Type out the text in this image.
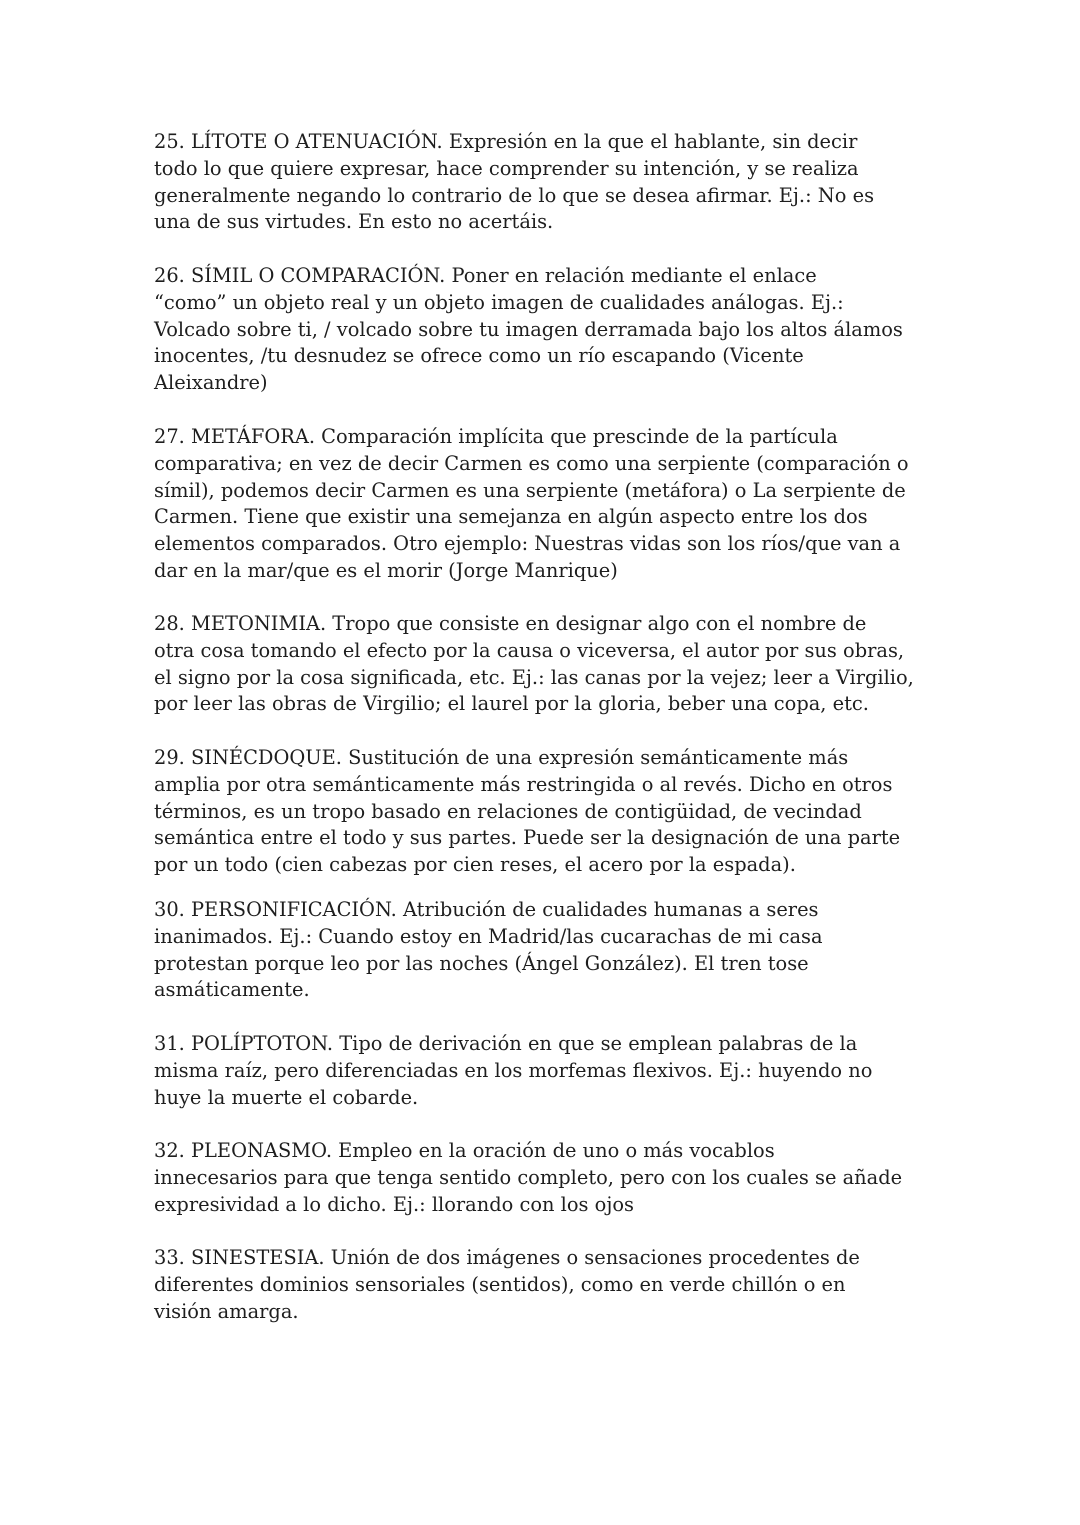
25. LÍTOTE O ATENUACIÓN. Expresión en la que el hablante, sin decir
todo lo que quiere expresar, hace comprender su intención, y se realiza
generalmente negando lo contrario de lo que se desea afirmar. Ej.: No es
una de sus virtudes. En esto no acertáis.

26. SÍMIL O COMPARACIÓN. Poner en relación mediante el enlace
“como” un objeto real y un objeto imagen de cualidades análogas. Ej.:
Volcado sobre ti, / volcado sobre tu imagen derramada bajo los altos álamos
inocentes, /tu desnudez se ofrece como un río escapando (Vicente
Aleixandre)

27. METÁFORA. Comparación implícita que prescinde de la partícula
comparativa; en vez de decir Carmen es como una serpiente (comparación o
símil), podemos decir Carmen es una serpiente (metáfora) o La serpiente de
Carmen. Tiene que existir una semejanza en algún aspecto entre los dos
elementos comparados. Otro ejemplo: Nuestras vidas son los ríos/que van a
dar en la mar/que es el morir (Jorge Manrique)

28. METONIMIA. Tropo que consiste en designar algo con el nombre de
otra cosa tomando el efecto por la causa o viceversa, el autor por sus obras,
el signo por la cosa significada, etc. Ej.: las canas por la vejez; leer a Virgilio,
por leer las obras de Virgilio; el laurel por la gloria, beber una copa, etc.

29. SINÉCDOQUE. Sustitución de una expresión semánticamente más
amplia por otra semánticamente más restringida o al revés. Dicho en otros
términos, es un tropo basado en relaciones de contigüidad, de vecindad
semántica entre el todo y sus partes. Puede ser la designación de una parte
por un todo (cien cabezas por cien reses, el acero por la espada).

30. PERSONIFICACIÓN. Atribución de cualidades humanas a seres
inanimados. Ej.: Cuando estoy en Madrid/las cucarachas de mi casa
protestan porque leo por las noches (Ángel González). El tren tose
asmáticamente.

31. POLÍPTOTON. Tipo de derivación en que se emplean palabras de la
misma raíz, pero diferenciadas en los morfemas flexivos. Ej.: huyendo no
huye la muerte el cobarde.

32. PLEONASMO. Empleo en la oración de uno o más vocablos
innecesarios para que tenga sentido completo, pero con los cuales se añade
expresividad a lo dicho. Ej.: llorando con los ojos

33. SINESTESIA. Unión de dos imágenes o sensaciones procedentes de
diferentes dominios sensoriales (sentidos), como en verde chillón o en
visión amarga.
